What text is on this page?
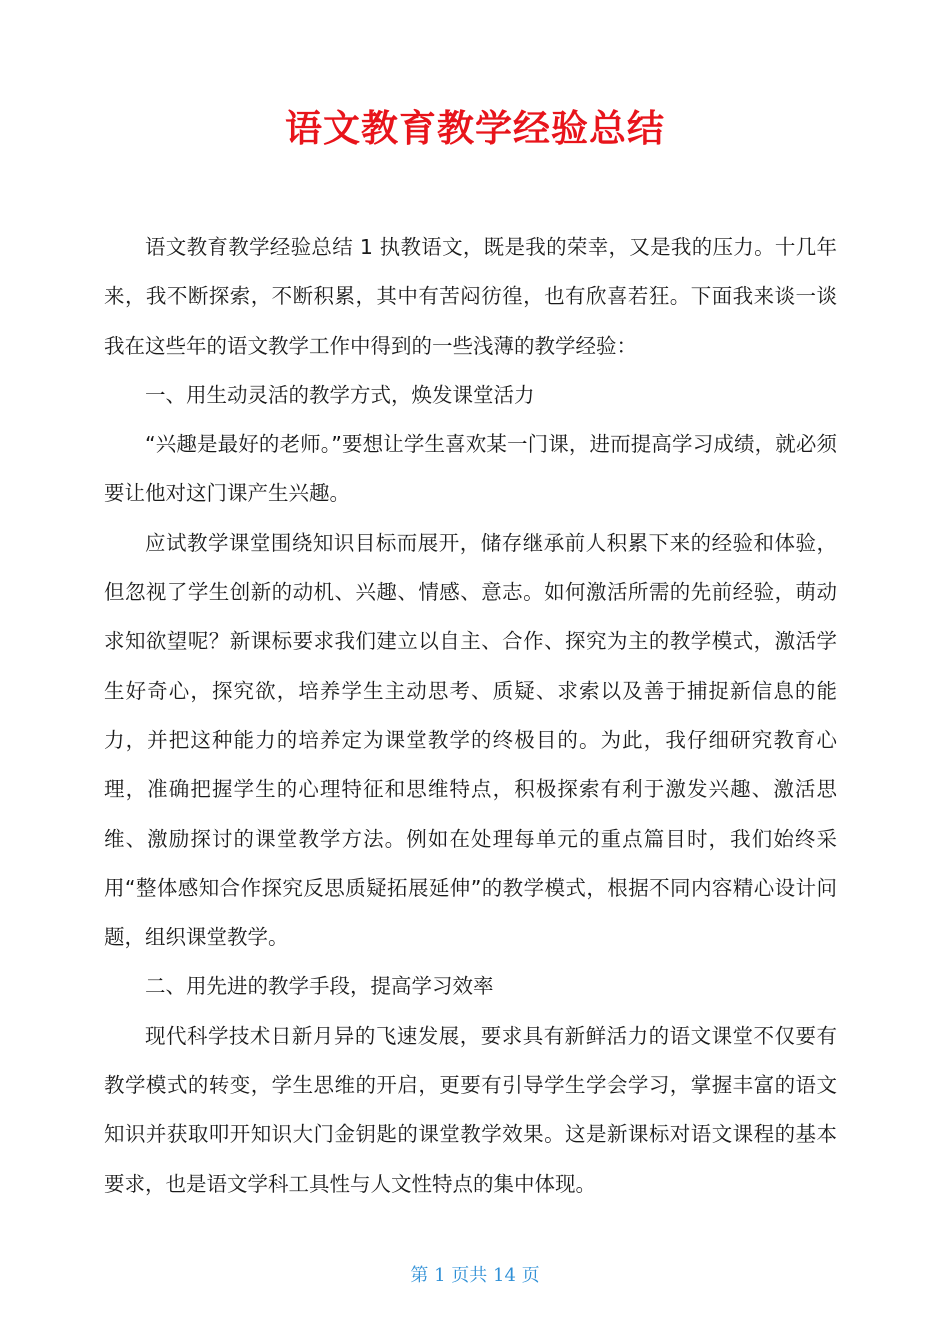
语文教育教学经验总结

语文教育教学经验总结 1 执教语文，既是我的荣幸，又是我的压力。十几年来，我不断探索，不断积累，其中有苦闷彷徨，也有欣喜若狂。下面我来谈一谈我在这些年的语文教学工作中得到的一些浅薄的教学经验：

一、用生动灵活的教学方式，焕发课堂活力

“兴趣是最好的老师。”要想让学生喜欢某一门课，进而提高学习成绩，就必须要让他对这门课产生兴趣。

应试教学课堂围绕知识目标而展开，储存继承前人积累下来的经验和体验，但忽视了学生创新的动机、兴趣、情感、意志。如何激活所需的先前经验，萌动求知欲望呢？新课标要求我们建立以自主、合作、探究为主的教学模式，激活学生好奇心，探究欲，培养学生主动思考、质疑、求索以及善于捕捉新信息的能力，并把这种能力的培养定为课堂教学的终极目的。为此，我仔细研究教育心理，准确把握学生的心理特征和思维特点，积极探索有利于激发兴趣、激活思维、激励探讨的课堂教学方法。例如在处理每单元的重点篇目时，我们始终采用“整体感知合作探究反思质疑拓展延伸”的教学模式，根据不同内容精心设计问题，组织课堂教学。

二、用先进的教学手段，提高学习效率

现代科学技术日新月异的飞速发展，要求具有新鲜活力的语文课堂不仅要有教学模式的转变，学生思维的开启，更要有引导学生学会学习，掌握丰富的语文知识并获取叩开知识大门金钥匙的课堂教学效果。这是新课标对语文课程的基本要求，也是语文学科工具性与人文性特点的集中体现。

第 1 页共 14 页
